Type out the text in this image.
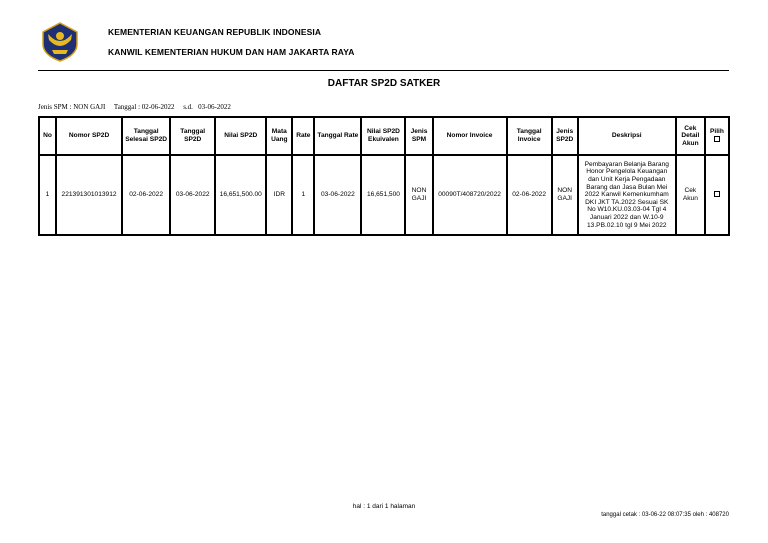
KEMENTERIAN KEUANGAN REPUBLIK INDONESIA
KANWIL KEMENTERIAN HUKUM DAN HAM JAKARTA RAYA
DAFTAR SP2D SATKER
Jenis SPM : NON GAJI     Tanggal : 02-06-2022     s.d.   03-06-2022
No	Nomor SP2D	Tanggal Selesai SP2D	Tanggal SP2D	Nilai SP2D	Mata Uang	Rate	Tanggal Rate	Nilai SP2D Ekuivalen	Jenis SPM	Nomor Invoice	Tanggal Invoice	Jenis SP2D	Deskripsi	Cek Detail Akun	Pilih

1	221391301013912	02-06-2022	03-06-2022	16,651,500.00	IDR	1	03-06-2022	16,651,500	NON GAJI	00090T/408720/2022	02-06-2022	NON GAJI	Pembayaran Belanja Barang Honor Pengelola Keuangan dan Unit Kerja Pengadaan Barang dan Jasa Bulan Mei 2022 Kanwil Kemenkumham DKI JKT TA.2022 Sesuai SK No W10.KU.03.03-04 Tgl 4 Januari 2022 dan W.10-9 13.PB.02.10 tgl 9 Mei 2022	Cek Akun	
hal : 1 dari 1 halaman
tanggal cetak : 03-06-22 08:07:35 oleh : 408720
